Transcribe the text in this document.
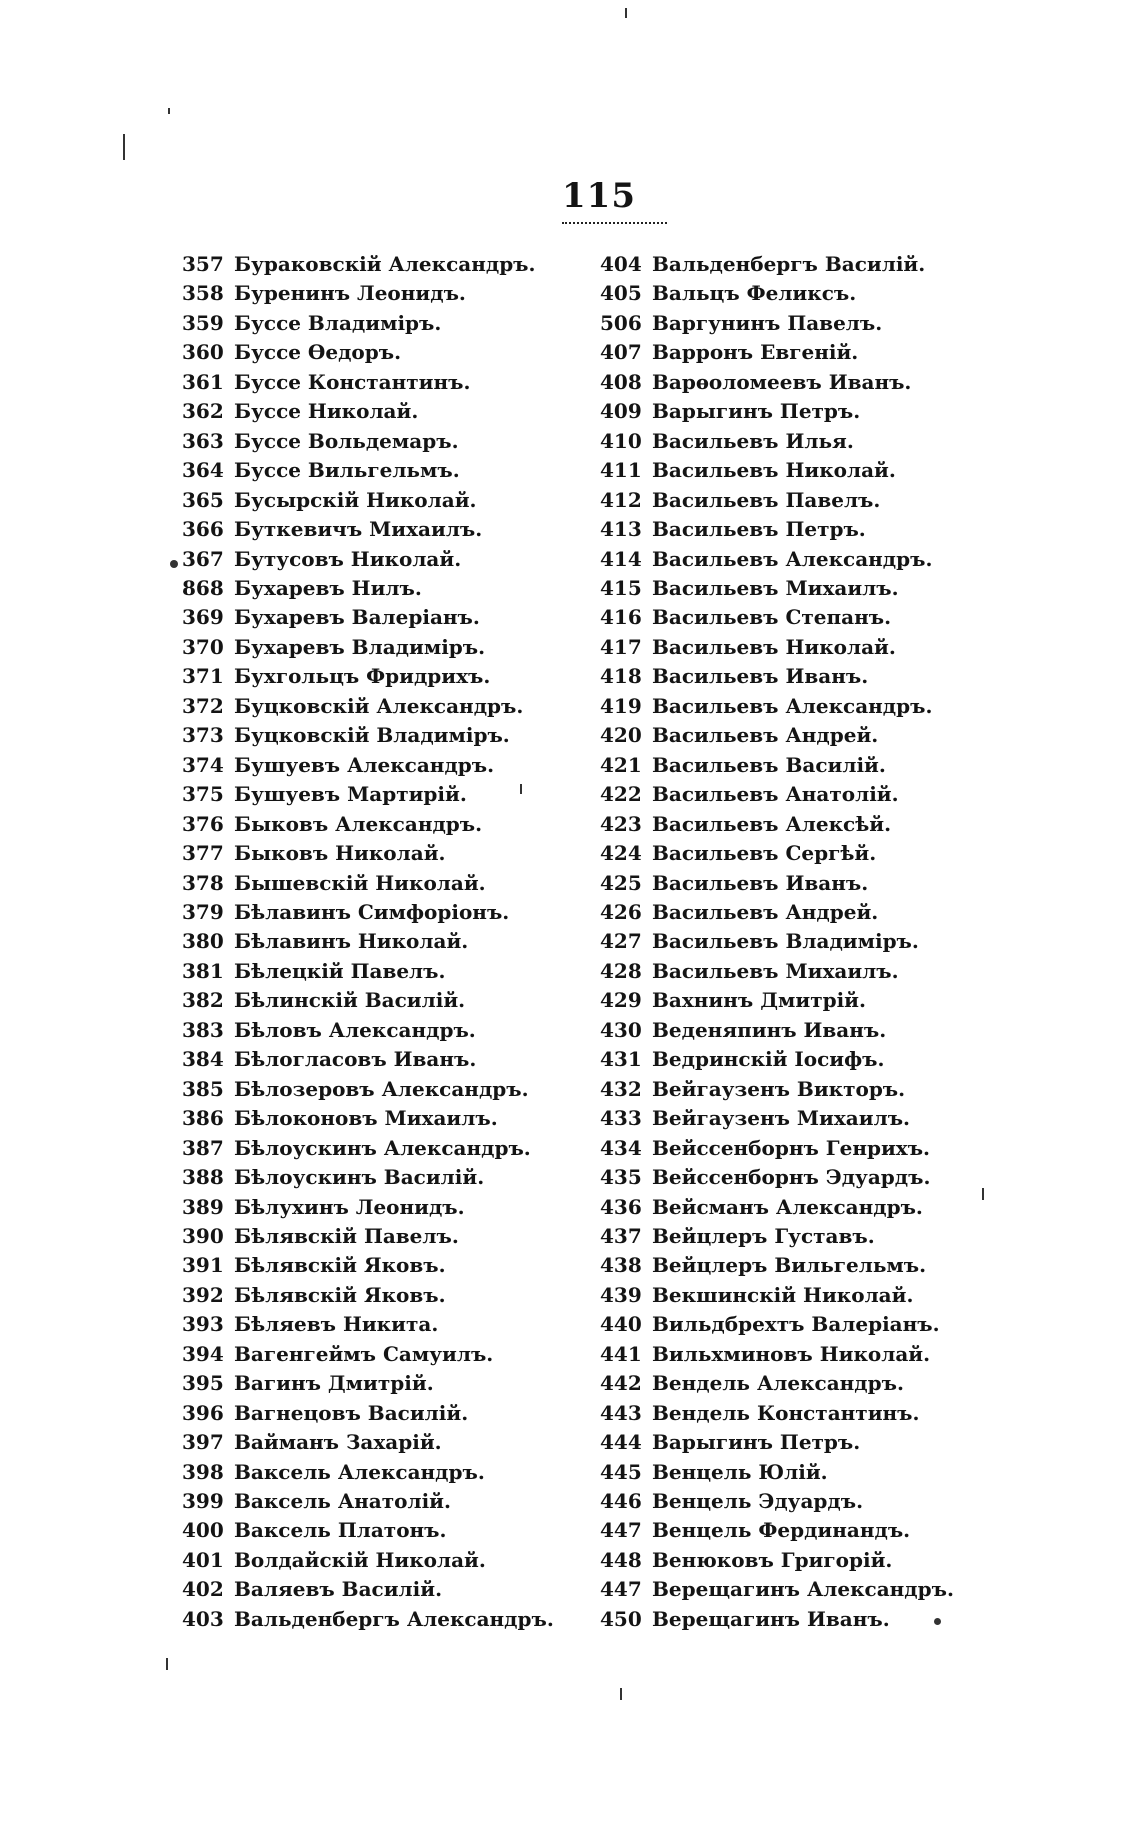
115
357 Бураковскій Александръ.
358 Буренинъ Леонидъ.
359 Буссе Владиміръ.
360 Буссе Ѳедоръ.
361 Буссе Константинъ.
362 Буссе Николай.
363 Буссе Вольдемаръ.
364 Буссе Вильгельмъ.
365 Бусырскій Николай.
366 Буткевичъ Михаилъ.
367 Бутусовъ Николай.
868 Бухаревъ Нилъ.
369 Бухаревъ Валеріанъ.
370 Бухаревъ Владиміръ.
371 Бухгольцъ Фридрихъ.
372 Буцковскій Александръ.
373 Буцковскій Владиміръ.
374 Бушуевъ Александръ.
375 Бушуевъ Мартирій.
376 Быковъ Александръ.
377 Быковъ Николай.
378 Бышевскій Николай.
379 Бѣлавинъ Симфоріонъ.
380 Бѣлавинъ Николай.
381 Бѣлецкій Павелъ.
382 Бѣлинскій Василій.
383 Бѣловъ Александръ.
384 Бѣлогласовъ Иванъ.
385 Бѣлозеровъ Александръ.
386 Бѣлоконовъ Михаилъ.
387 Бѣлоускинъ Александръ.
388 Бѣлоускинъ Василій.
389 Бѣлухинъ Леонидъ.
390 Бѣлявскій Павелъ.
391 Бѣлявскій Яковъ.
392 Бѣлявскій Яковъ.
393 Бѣляевъ Никита.
394 Вагенгеймъ Самуилъ.
395 Вагинъ Дмитрій.
396 Вагнецовъ Василій.
397 Вайманъ Захарій.
398 Ваксель Александръ.
399 Ваксель Анатолій.
400 Ваксель Платонъ.
401 Волдайскій Николай.
402 Валяевъ Василій.
403 Вальденбергъ Александръ.
404 Вальденбергъ Василій.
405 Вальцъ Феликсъ.
506 Варгунинъ Павелъ.
407 Варронъ Евгеній.
408 Варѳоломеевъ Иванъ.
409 Варыгинъ Петръ.
410 Васильевъ Илья.
411 Васильевъ Николай.
412 Васильевъ Павелъ.
413 Васильевъ Петръ.
414 Васильевъ Александръ.
415 Васильевъ Михаилъ.
416 Васильевъ Степанъ.
417 Васильевъ Николай.
418 Васильевъ Иванъ.
419 Васильевъ Александръ.
420 Васильевъ Андрей.
421 Васильевъ Василій.
422 Васильевъ Анатолій.
423 Васильевъ Алексѣй.
424 Васильевъ Сергѣй.
425 Васильевъ Иванъ.
426 Васильевъ Андрей.
427 Васильевъ Владиміръ.
428 Васильевъ Михаилъ.
429 Вахнинъ Дмитрій.
430 Веденяпинъ Иванъ.
431 Ведринскій Іосифъ.
432 Вейгаузенъ Викторъ.
433 Вейгаузенъ Михаилъ.
434 Вейссенборнъ Генрихъ.
435 Вейссенборнъ Эдуардъ.
436 Вейсманъ Александръ.
437 Вейцлеръ Густавъ.
438 Вейцлеръ Вильгельмъ.
439 Векшинскій Николай.
440 Вильдбрехтъ Валеріанъ.
441 Вильхминовъ Николай.
442 Вендель Александръ.
443 Вендель Константинъ.
444 Варыгинъ Петръ.
445 Венцель Юлій.
446 Венцель Эдуардъ.
447 Венцель Фердинандъ.
448 Венюковъ Григорій.
447 Верещагинъ Александръ.
450 Верещагинъ Иванъ.
